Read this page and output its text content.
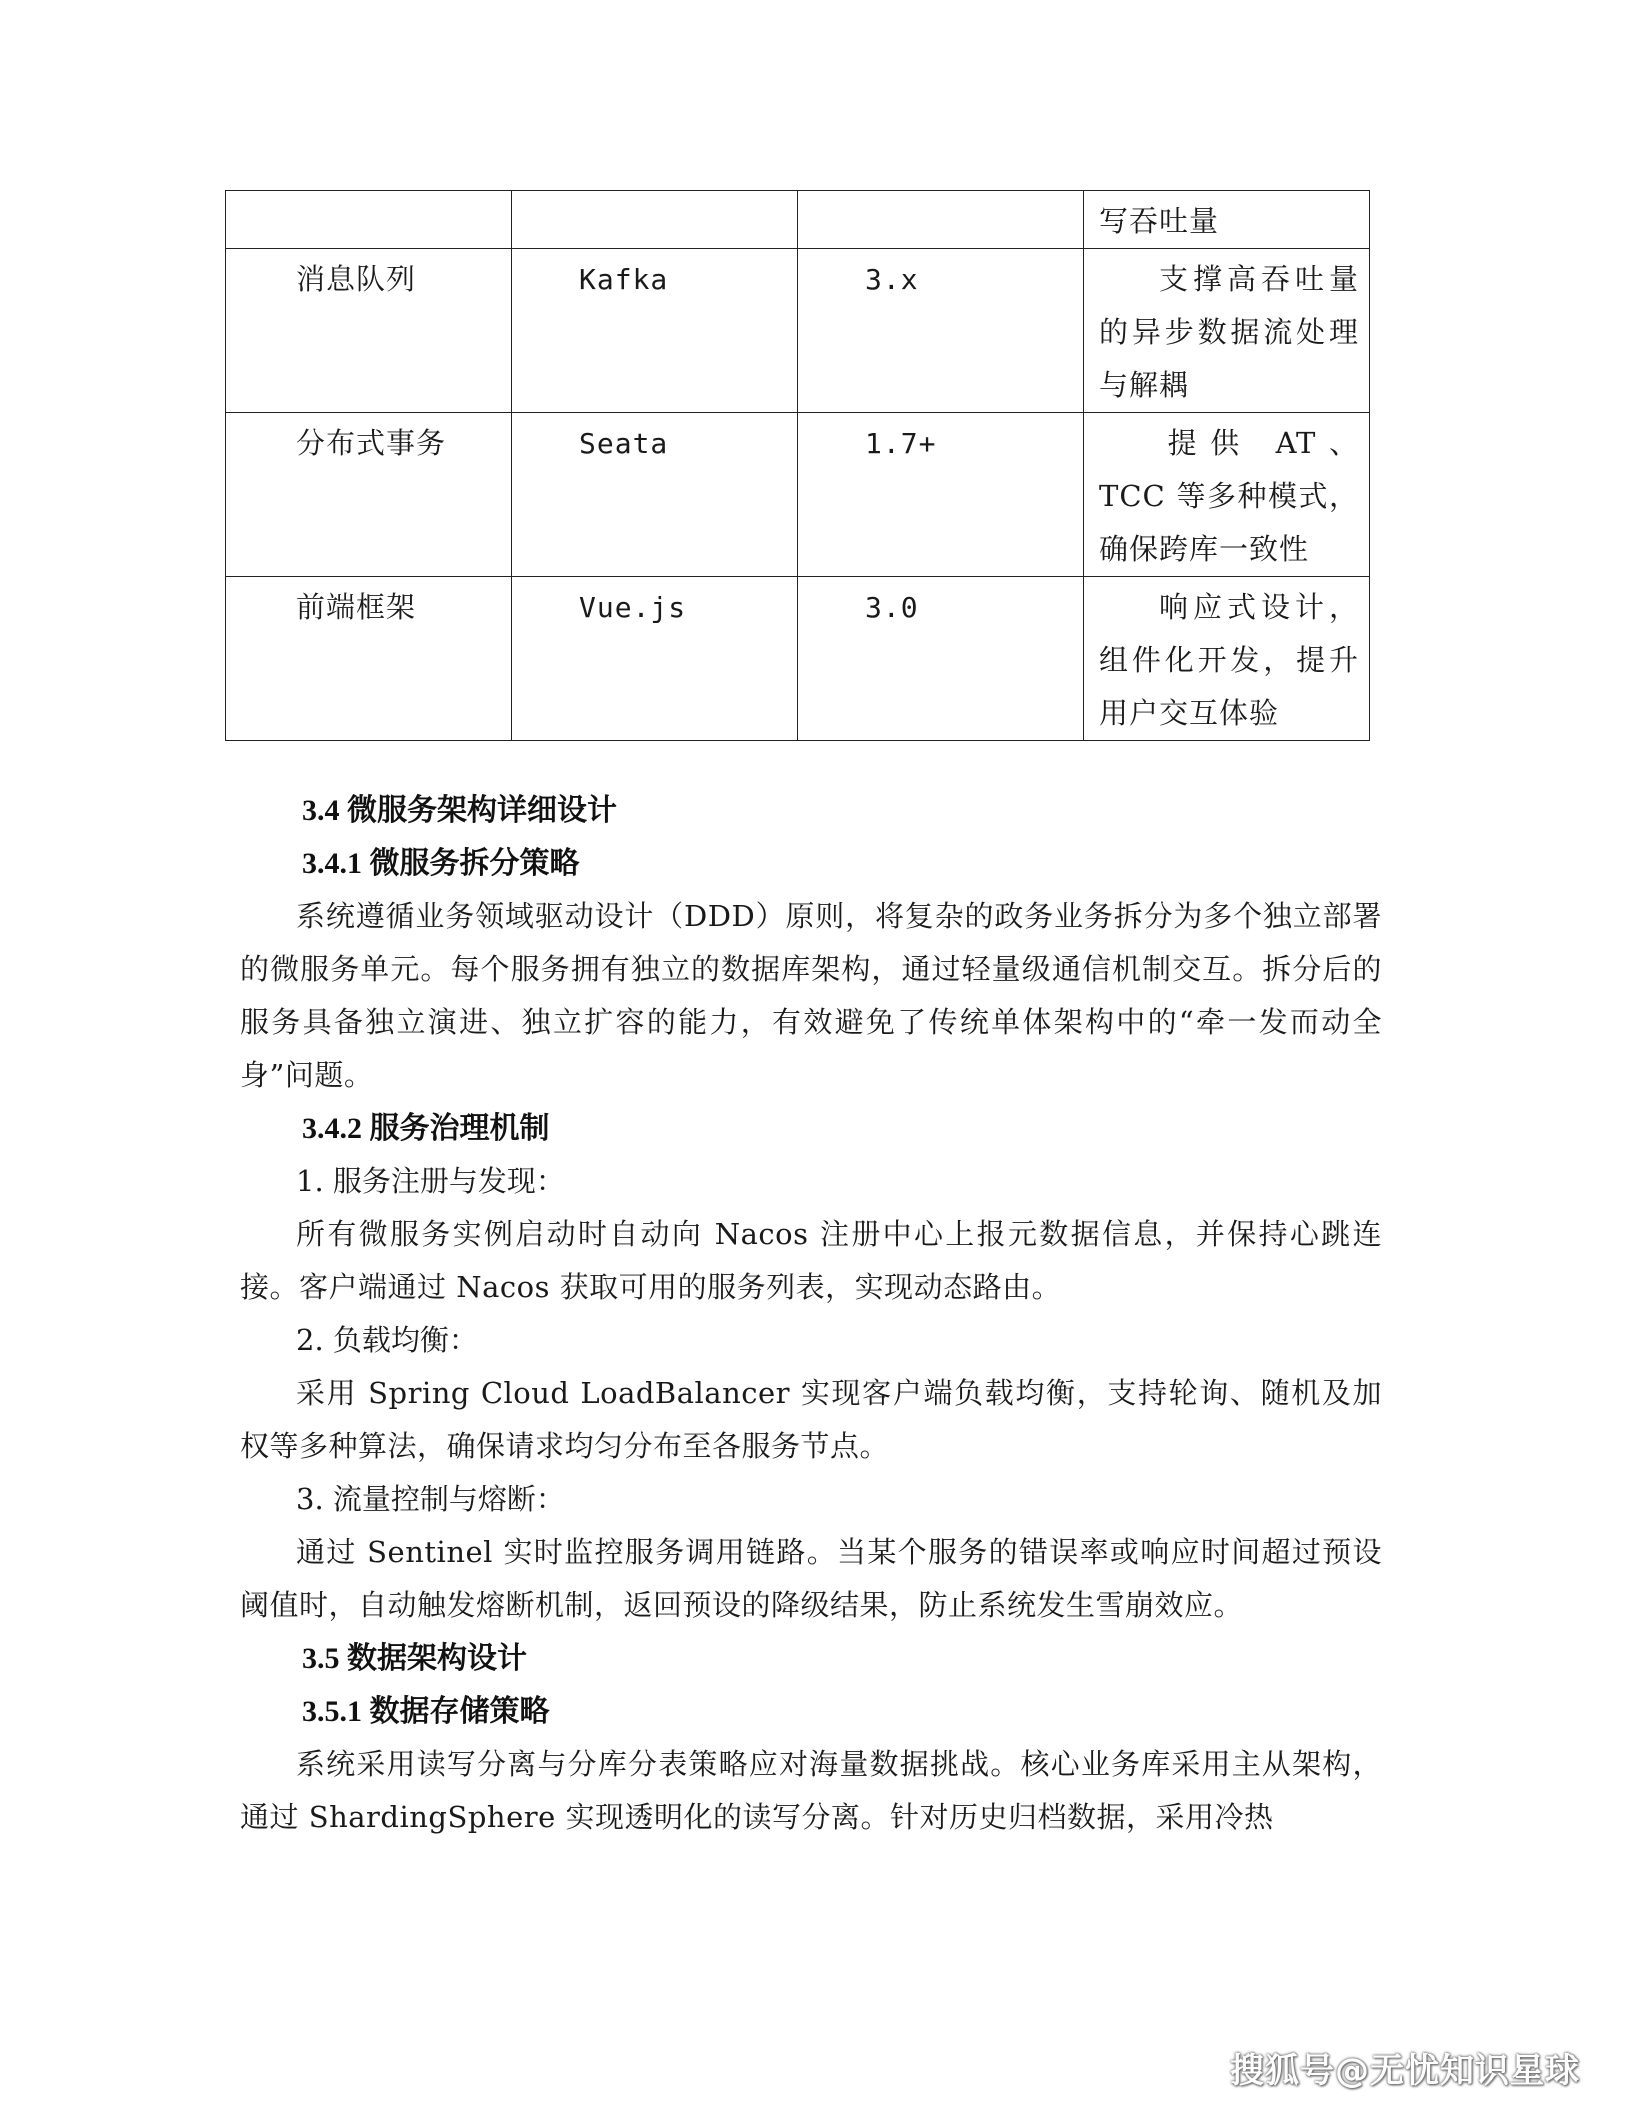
			写吞吐量

消息队列	Kafka	3.x	支撑高吞吐量的异步数据流处理与解耦

分布式事务	Seata	1.7+	提供 AT、TCC 等多种模式，确保跨库一致性

前端框架	Vue.js	3.0	响应式设计，组件化开发，提升用户交互体验
3.4 微服务架构详细设计
3.4.1 微服务拆分策略

系统遵循业务领域驱动设计（DDD）原则，将复杂的政务业务拆分为多个独立部署的微服务单元。每个服务拥有独立的数据库架构，通过轻量级通信机制交互。拆分后的服务具备独立演进、独立扩容的能力，有效避免了传统单体架构中的“牵一发而动全身”问题。

3.4.2 服务治理机制

1. 服务注册与发现：

所有微服务实例启动时自动向 Nacos 注册中心上报元数据信息，并保持心跳连接。客户端通过 Nacos 获取可用的服务列表，实现动态路由。

2. 负载均衡：

采用 Spring Cloud LoadBalancer 实现客户端负载均衡，支持轮询、随机及加权等多种算法，确保请求均匀分布至各服务节点。

3. 流量控制与熔断：

通过 Sentinel 实时监控服务调用链路。当某个服务的错误率或响应时间超过预设阈值时，自动触发熔断机制，返回预设的降级结果，防止系统发生雪崩效应。

3.5 数据架构设计
3.5.1 数据存储策略

系统采用读写分离与分库分表策略应对海量数据挑战。核心业务库采用主从架构，通过 ShardingSphere 实现透明化的读写分离。针对历史归档数据，采用冷热

搜狐号@无忧知识星球
